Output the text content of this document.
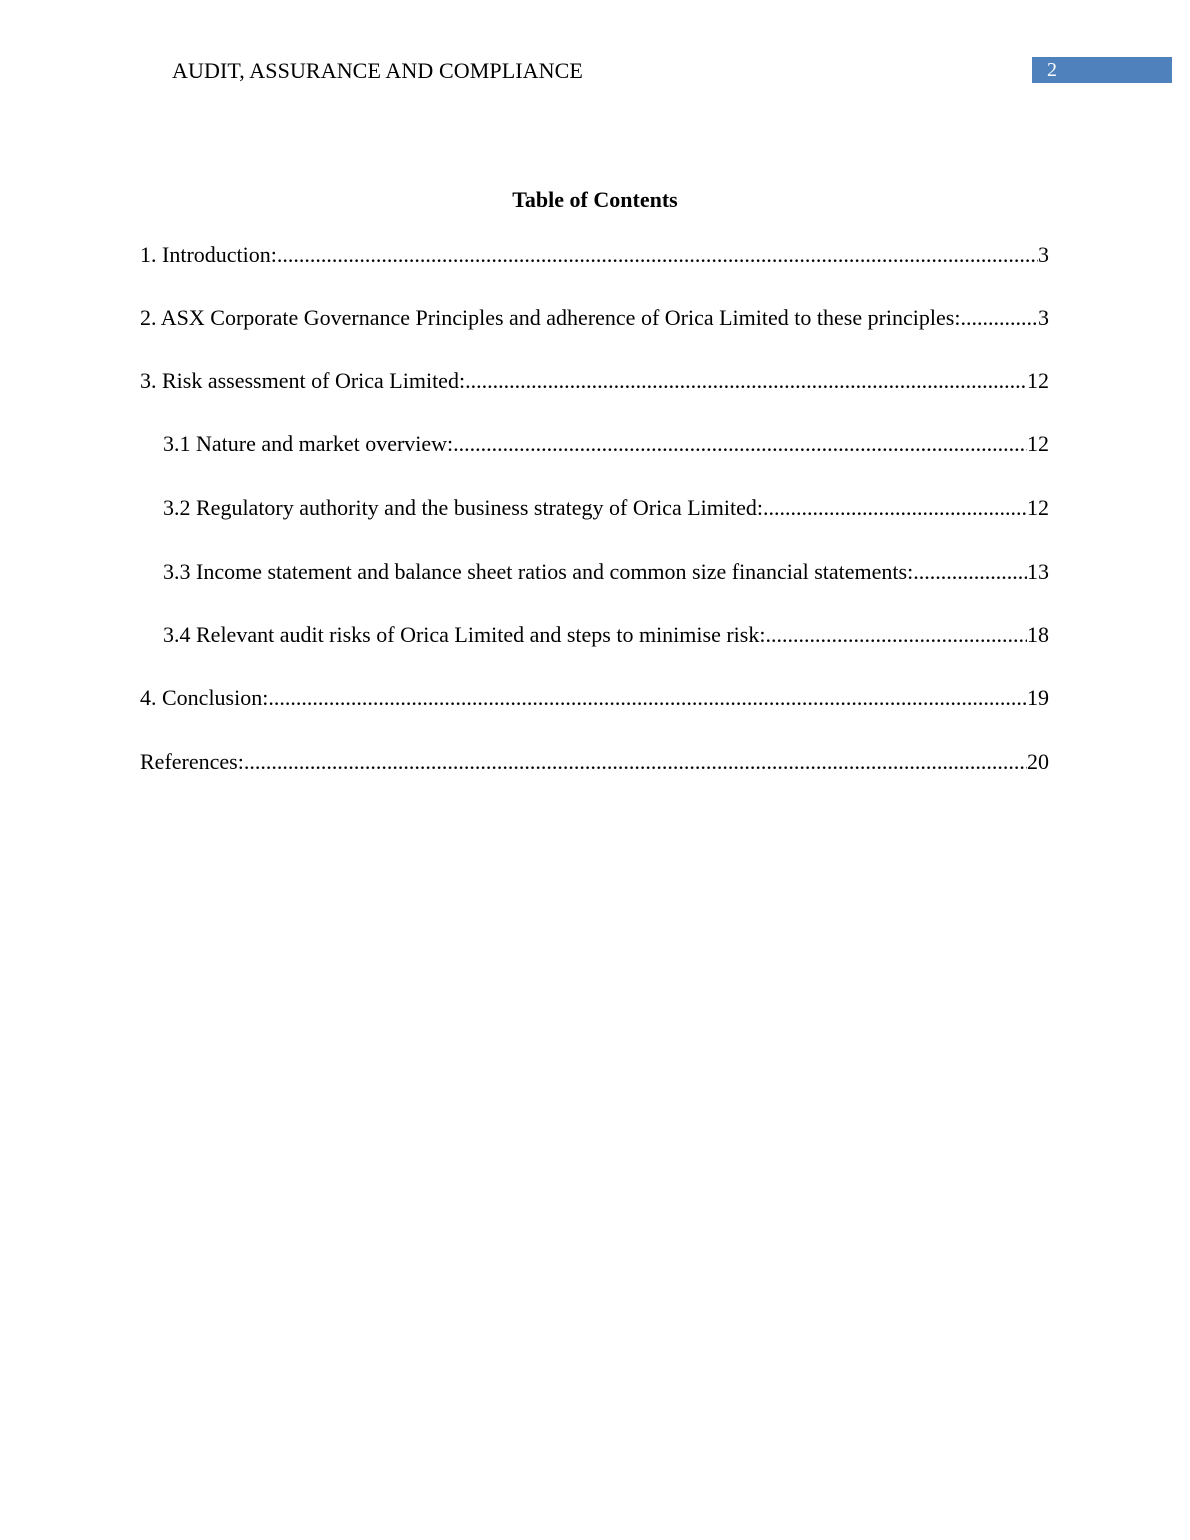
AUDIT, ASSURANCE AND COMPLIANCE	2
Table of Contents
1. Introduction: .....	3
2. ASX Corporate Governance Principles and adherence of Orica Limited to these principles: .....	3
3. Risk assessment of Orica Limited: .....	12
3.1 Nature and market overview: .....	12
3.2 Regulatory authority and the business strategy of Orica Limited: .....	12
3.3 Income statement and balance sheet ratios and common size financial statements: .....	13
3.4 Relevant audit risks of Orica Limited and steps to minimise risk: .....	18
4. Conclusion: .....	19
References: .....	20
